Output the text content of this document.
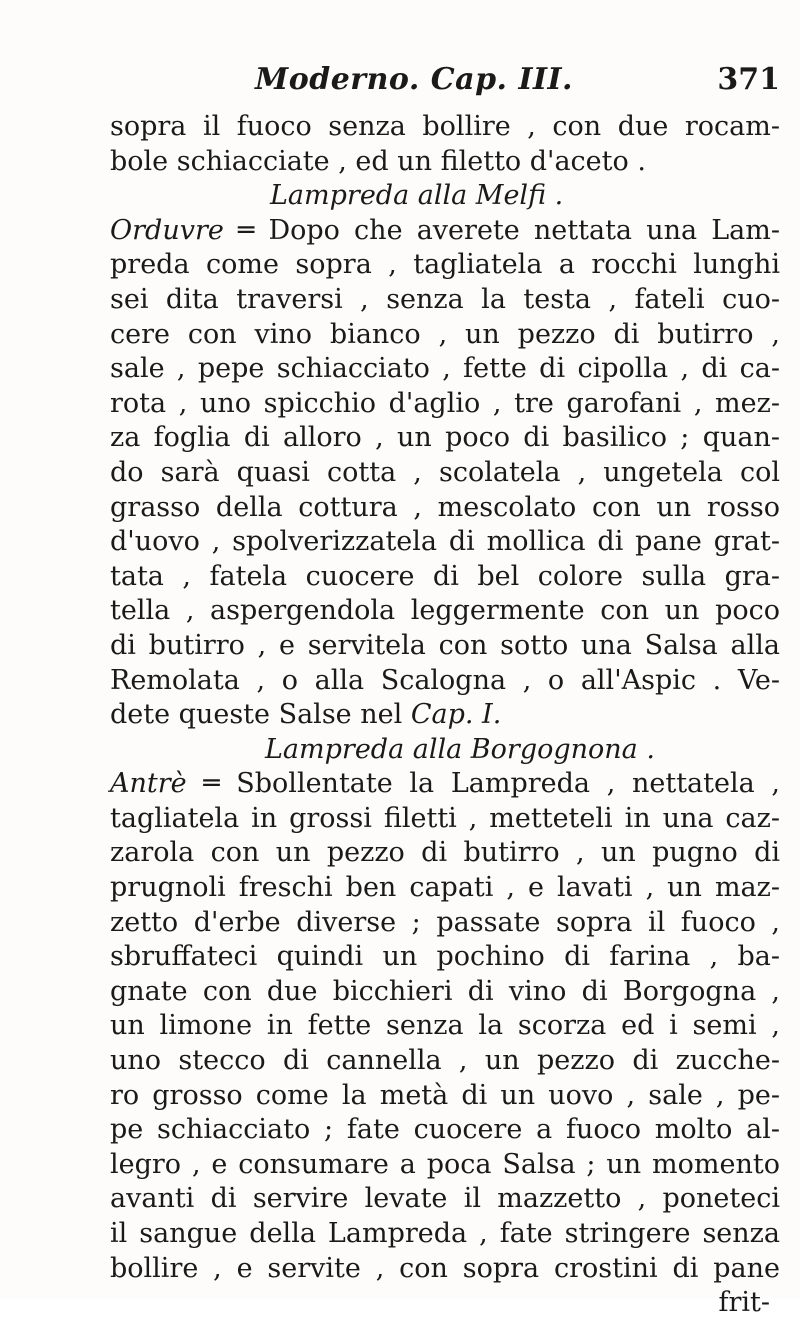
Moderno. Cap. III.	371
sopra il fuoco senza bollire , con due rocam-
bole schiacciate , ed un filetto d'aceto .
Lampreda alla Melfi .
Orduvre ═ Dopo che averete nettata una Lam-
preda come sopra , tagliatela a rocchi lunghi
sei dita traversi , senza la testa , fateli cuo-
cere con vino bianco , un pezzo di butirro ,
sale , pepe schiacciato , fette di cipolla , di ca-
rota , uno spicchio d'aglio , tre garofani , mez-
za foglia di alloro , un poco di basilico ; quan-
do sarà quasi cotta , scolatela , ungetela col
grasso della cottura , mescolato con un rosso
d'uovo , spolverizzatela di mollica di pane grat-
tata , fatela cuocere di bel colore sulla gra-
tella , aspergendola leggermente con un poco
di butirro , e servitela con sotto una Salsa alla
Remolata , o alla Scalogna , o all'Aspic . Ve-
dete queste Salse nel Cap. I.
Lampreda alla Borgognona .
Antrè ═ Sbollentate la Lampreda , nettatela ,
tagliatela in grossi filetti , metteteli in una caz-
zarola con un pezzo di butirro , un pugno di
prugnoli freschi ben capati , e lavati , un maz-
zetto d'erbe diverse ; passate sopra il fuoco ,
sbruffateci quindi un pochino di farina , ba-
gnate con due bicchieri di vino di Borgogna ,
un limone in fette senza la scorza ed i semi ,
uno stecco di cannella , un pezzo di zucche-
ro grosso come la metà di un uovo , sale , pe-
pe schiacciato ; fate cuocere a fuoco molto al-
legro , e consumare a poca Salsa ; un momento
avanti di servire levate il mazzetto , poneteci
il sangue della Lampreda , fate stringere senza
bollire , e servite , con sopra crostini di pane
frit-
